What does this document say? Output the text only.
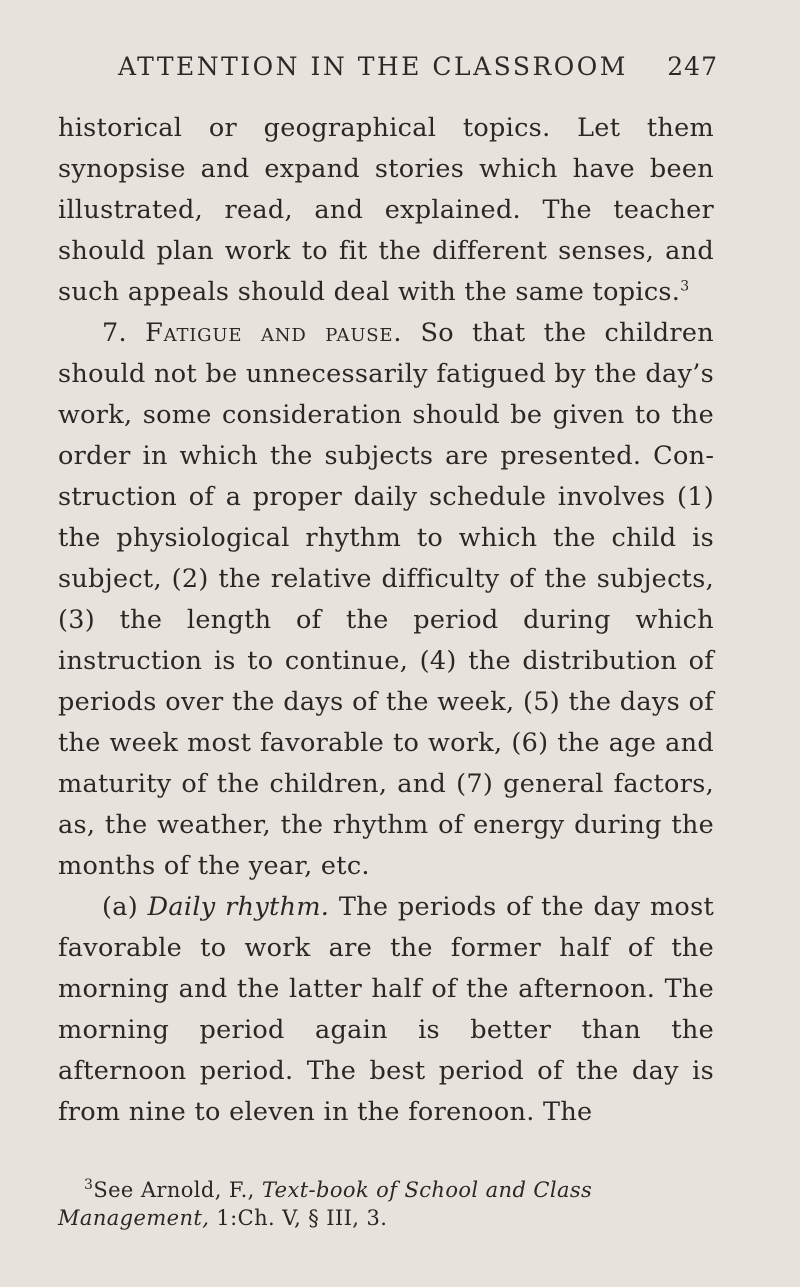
ATTENTION IN THE CLASSROOM 247

historical or geographical topics. Let them synopsise and expand stories which have been illustrated, read, and explained. The teacher should plan work to fit the different senses, and such appeals should deal with the same topics.$^3$

7. Fatigue and pause. So that the children should not be unnecessarily fatigued by the day’s work, some consideration should be given to the order in which the subjects are presented. Construction of a proper daily schedule involves (1) the physiological rhythm to which the child is subject, (2) the relative difficulty of the subjects, (3) the length of the period during which instruction is to continue, (4) the distribution of periods over the days of the week, (5) the days of the week most favorable to work, (6) the age and maturity of the children, and (7) general factors, as, the weather, the rhythm of energy during the months of the year, etc.

(a) Daily rhythm. The periods of the day most favorable to work are the former half of the morning and the latter half of the afternoon. The morning period again is better than the afternoon period. The best period of the day is from nine to eleven in the forenoon. The

$^3$See Arnold, F., Text-book of School and Class Management, 1:Ch. V, § III, 3.
